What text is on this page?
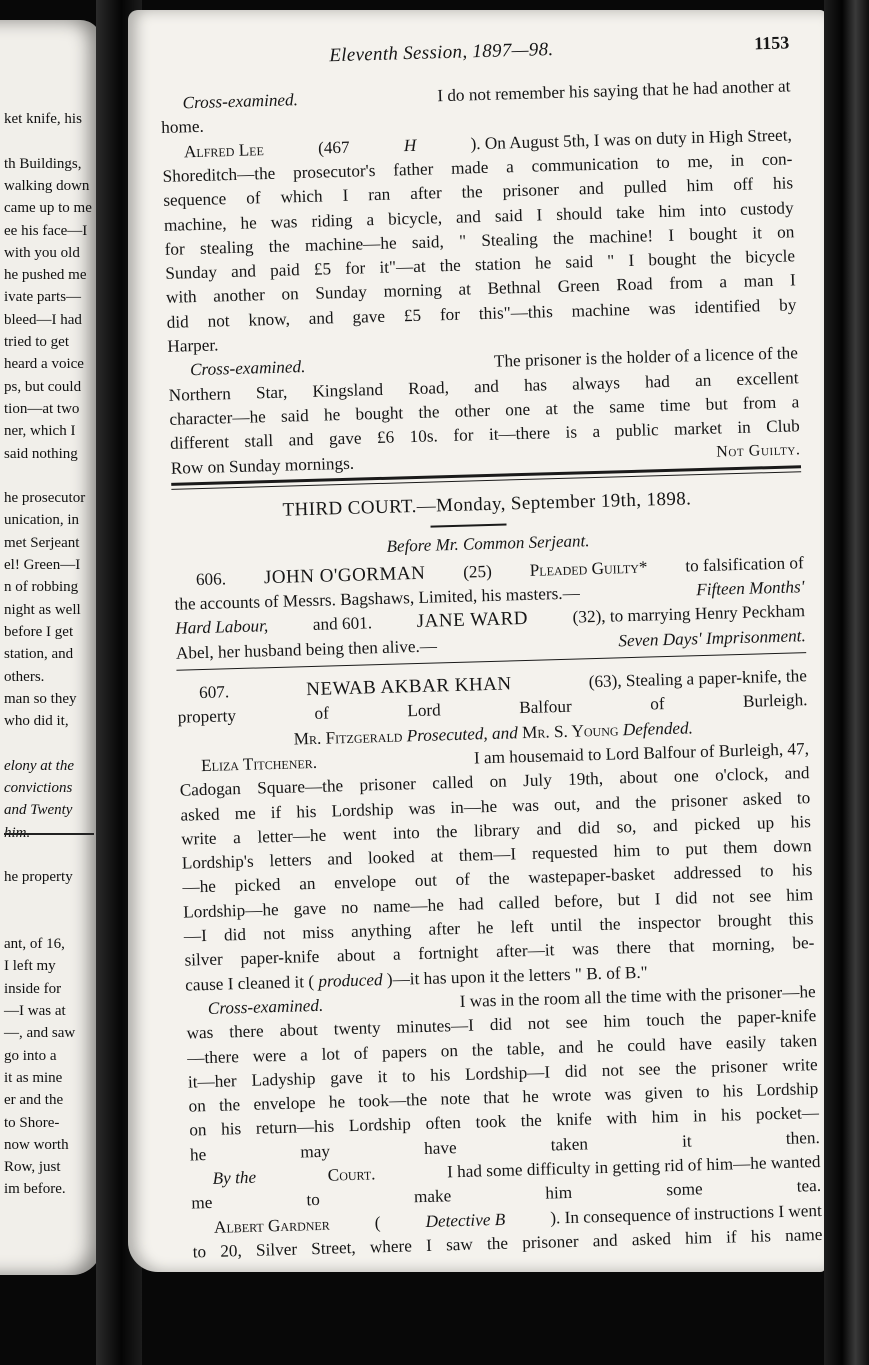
ket knife, his
th Buildings,
walking down
came up to me
ee his face—I
with you old
he pushed me
ivate parts—
bleed—I had
tried to get
heard a voice
ps, but could
tion—at two
ner, which I
said nothing
he prosecutor
unication, in
met Serjeant
el! Green—I
n of robbing
night as well
before I get
station, and
others.
man so they
who did it,
elony at the
convictions
and Twenty
he property
ant, of 16,
I left my
inside for
—I was at
—, and saw
go into a
it as mine
er and the
to Shore-
now worth
Row, just
im before.
Eleventh Session, 1897—98.	1153
Cross-examined.	I do not remember his saying that he had another at
home.
Alfred Lee	(467	H	). On August 5th, I was on duty in High Street,
Shoreditch—the prosecutor's father made a communication to me, in con-
sequence of which I ran after the prisoner and pulled him off his
machine, he was riding a bicycle, and said I should take him into custody
for stealing the machine—he said, " Stealing the machine! I bought it on
Sunday and paid £5 for it"—at the station he said " I bought the bicycle
with another on Sunday morning at Bethnal Green Road from a man I
did not know, and gave £5 for this"—this machine was identified by
Harper.
Cross-examined.	The prisoner is the holder of a licence of the
Northern Star, Kingsland Road, and has always had an excellent
character—he said he bought the other one at the same time but from a
different stall and gave £6 10s. for it—there is a public market in Club
Row on Sunday mornings.
Not Guilty.
THIRD COURT.—Monday, September 19th, 1898.
Before Mr. Common Serjeant.
606. JOHN O'GORMAN (25) Pleaded Guilty* to falsification of
the accounts of Messrs. Bagshaws, Limited, his masters.—	Fifteen Months'
Hard Labour,	and 601. JANE WARD	(32), to marrying Henry Peckham
Abel, her husband being then alive.—	Seven Days' Imprisonment.
607.	NEWAB AKBAR KHAN	(63), Stealing a paper-knife, the
property	of	Lord	Balfour	of	Burleigh.
Mr. Fitzgerald Prosecuted, and Mr. S. Young Defended.
Eliza Titchener.	I am housemaid to Lord Balfour of Burleigh, 47,
Cadogan Square—the prisoner called on July 19th, about one o'clock, and
asked me if his Lordship was in—he was out, and the prisoner asked to
write a letter—he went into the library and did so, and picked up his
Lordship's letters and looked at them—I requested him to put them down
—he picked an envelope out of the wastepaper-basket addressed to his
Lordship—he gave no name—he had called before, but I did not see him
—I did not miss anything after he left until the inspector brought this
silver paper-knife about a fortnight after—it was there that morning, be-
cause I cleaned it ( produced )—it has upon it the letters " B. of B."
Cross-examined.	I was in the room all the time with the prisoner—he
was there about twenty minutes—I did not see him touch the paper-knife
—there were a lot of papers on the table, and he could have easily taken
it—her Ladyship gave it to his Lordship—I did not see the prisoner write
on the envelope he took—the note that he wrote was given to his Lordship
on his return—his Lordship often took the knife with him in his pocket—
he	may	have	taken	it	then.
By the	Court.	I had some difficulty in getting rid of him—he wanted
me	to	make	him	some	tea.
Albert Gardner	(	Detective B	). In consequence of instructions I went
to 20, Silver Street, where I saw the prisoner and asked him if his name
